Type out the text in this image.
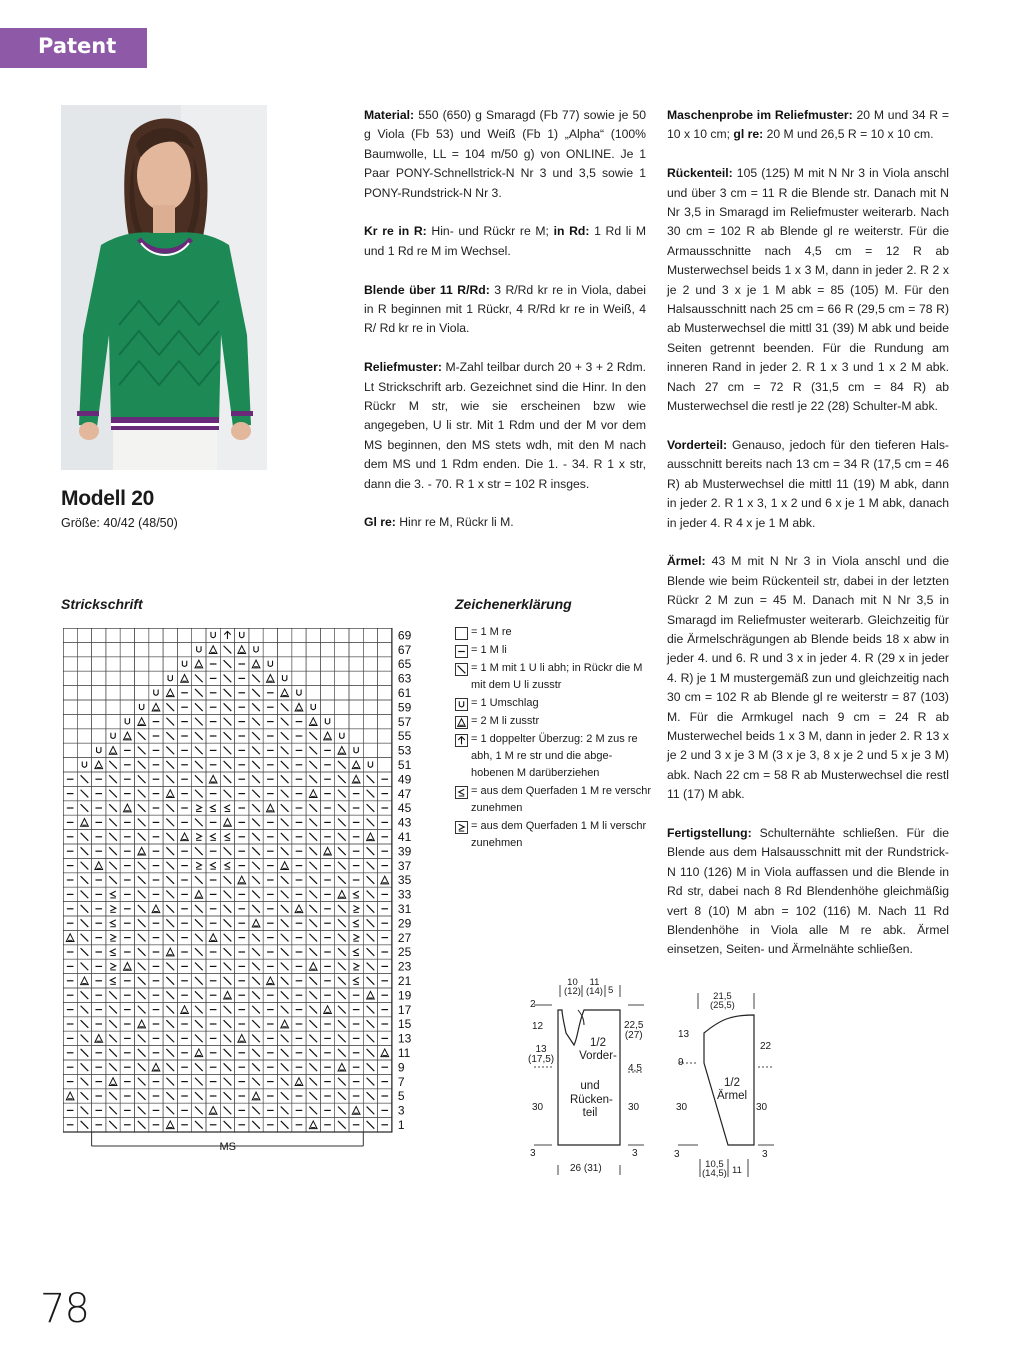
Patent
Modell 20
Größe: 40/42 (48/50)

Material: 550 (650) g Smaragd (Fb 77) sowie je 50 g Viola (Fb 53) und Weiß (Fb 1) „Alpha“ (100% Baumwolle, LL = 104 m/50 g) von ONLINE. Je 1 Paar PONY-Schnellstrick-N Nr 3 und 3,5 sowie 1 PONY-Rundstrick-N Nr 3.

Kr re in R: Hin- und Rückr re M; in Rd: 1 Rd li M und 1 Rd re M im Wechsel.

Blende über 11 R/Rd: 3 R/Rd kr re in Viola, dabei in R beginnen mit 1 Rückr, 4 R/Rd kr re in Weiß, 4 R/ Rd kr re in Viola.

Reliefmuster: M-Zahl teilbar durch 20 + 3 + 2 Rdm. Lt Strickschrift arb. Gezeichnet sind die Hinr. In den Rückr M str, wie sie erscheinen bzw wie angegeben, U li str. Mit 1 Rdm und der M vor dem MS beginnen, den MS stets wdh, mit den M nach dem MS und 1 Rdm enden. Die 1. - 34. R 1 x str, dann die 3. - 70. R 1 x str = 102 R insges.

Gl re: Hinr re M, Rückr li M.

Maschenprobe im Reliefmuster: 20 M und 34 R = 10 x 10 cm; gl re: 20 M und 26,5 R = 10 x 10 cm.

Rückenteil: 105 (125) M mit N Nr 3 in Viola anschl und über 3 cm = 11 R die Blende str. Danach mit N Nr 3,5 in Smaragd im Reliefmuster weiterarb. Nach 30 cm = 102 R ab Blende gl re weiterstr. Für die Armausschnitte nach 4,5 cm = 12 R ab Musterwechsel beids 1 x 3 M, dann in jeder 2. R 2 x je 2 und 3 x je 1 M abk = 85 (105) M. Für den Halsausschnitt nach 25 cm = 66 R (29,5 cm = 78 R) ab Musterwechsel die mittl 31 (39) M abk und beide Seiten getrennt beenden. Für die Rundung am inneren Rand in jeder 2. R 1 x 3 und 1 x 2 M abk. Nach 27 cm = 72 R (31,5 cm = 84 R) ab Musterwechsel die restl je 22 (28) Schulter-M abk.

Vorderteil: Genauso, jedoch für den tieferen Hals-ausschnitt bereits nach 13 cm = 34 R (17,5 cm = 46 R) ab Musterwechsel die mittl 11 (19) M abk, dann in jeder 2. R 1 x 3, 1 x 2 und 6 x je 1 M abk, danach in jeder 4. R 4 x je 1 M abk.

Ärmel: 43 M mit N Nr 3 in Viola anschl und die Blende wie beim Rückenteil str, dabei in der letzten Rückr 2 M zun = 45 M. Danach mit N Nr 3,5 in Smaragd im Reliefmuster weiterarb. Gleichzeitig für die Ärmelschrägungen ab Blende beids 18 x abw in jeder 4. und 6. R und 3 x in jeder 4. R (29 x in jeder 4. R) je 1 M mustergemäß zun und gleichzeitig nach 30 cm = 102 R ab Blende gl re weiterstr = 87 (103) M. Für die Armkugel nach 9 cm = 24 R ab Musterwechel beids 1 x 3 M, dann in jeder 2. R 13 x je 2 und 3 x je 3 M (3 x je 3, 8 x je 2 und 5 x je 3 M) abk. Nach 22 cm = 58 R ab Musterwechsel die restl 11 (17) M abk.

Fertigstellung: Schulternähte schließen. Für die Blende aus dem Halsausschnitt mit der Rundstrick-N 110 (126) M in Viola auffassen und die Blende in Rd str, dabei nach 8 Rd Blendenhöhe gleichmäßig vert 8 (10) M abn = 102 (116) M. Nach 11 Rd Blendenhöhe in Viola alle M re abk. Ärmel einsetzen, Seiten- und Ärmelnähte schließen.

Strickschrift
69
67
65
63
61
59
57
55
53
51
49
47
45
43
41
39
37
35
33
31
29
27
25
23
21
19
17
15
13
11
9
7
5
3
1
MS
Zeichenerklärung
= 1 M re
= 1 M li
= 1 M mit 1 U li abh; in Rückr die M mit dem U li zusstr
= 1 Umschlag
= 2 M li zusstr
= 1 doppelter Überzug: 2 M zus re abh, 1 M re str und die abge-hobenen M darüberziehen
= aus dem Querfaden 1 M re verschr zunehmen
= aus dem Querfaden 1 M li verschr zunehmen
10
(12)
11
(14) 5
2
12
13
(17,5)
30
3
22,5
(27)
4,5
30
3
1/2
Vorder-
und
Rücken-
teil
26 (31)
21,5
(25,5)
13
9
30
3
22
30
3
1/2
Ärmel
10,5
(14,5) 11
78
